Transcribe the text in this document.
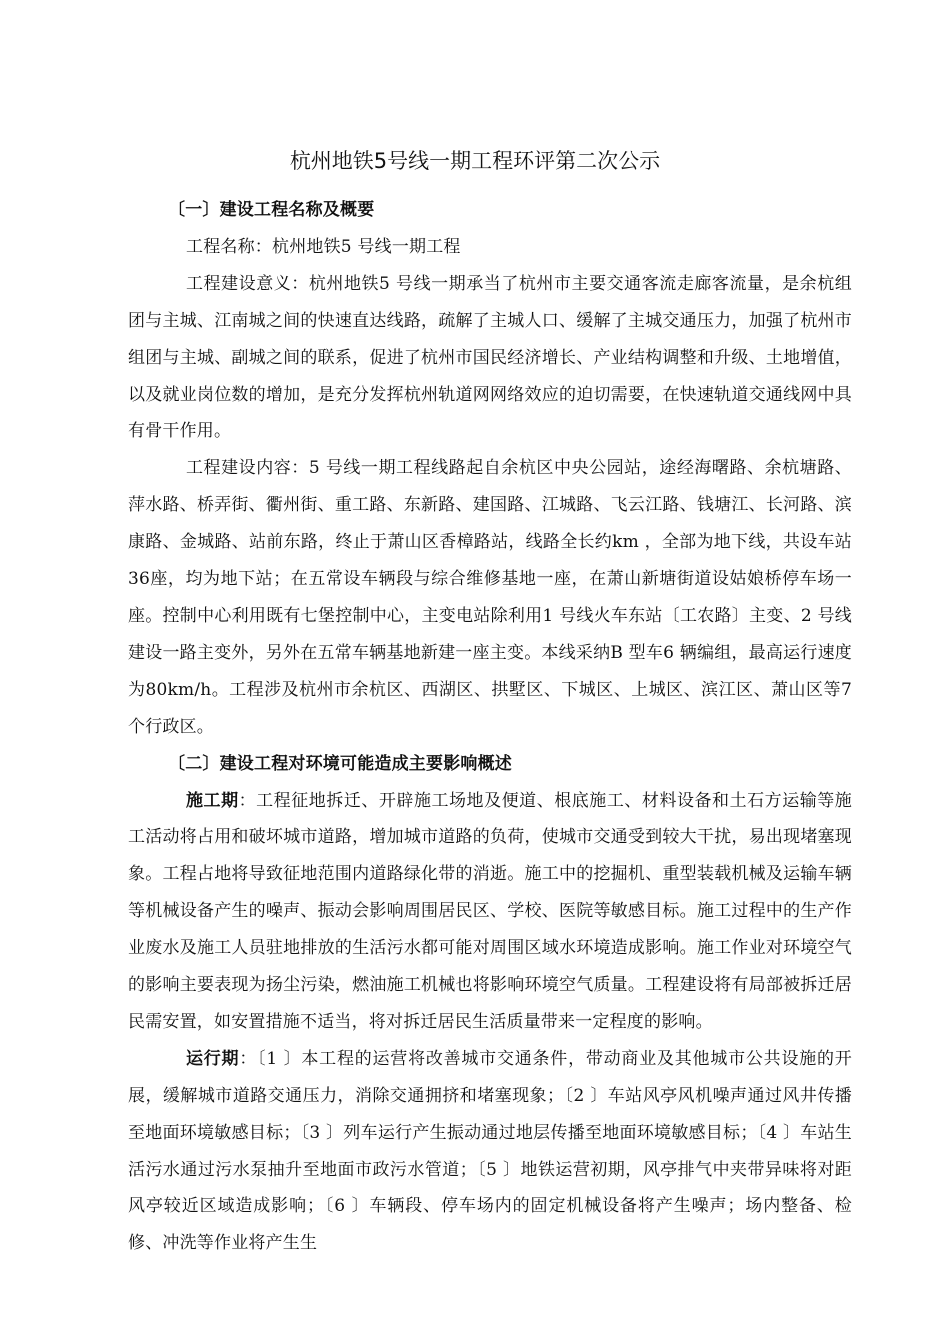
杭州地铁5号线一期工程环评第二次公示

〔一〕建设工程名称及概要

工程名称：杭州地铁5 号线一期工程

工程建设意义：杭州地铁5 号线一期承当了杭州市主要交通客流走廊客流量，是余杭组团与主城、江南城之间的快速直达线路，疏解了主城人口、缓解了主城交通压力，加强了杭州市组团与主城、副城之间的联系，促进了杭州市国民经济增长、产业结构调整和升级、土地增值，以及就业岗位数的增加，是充分发挥杭州轨道网网络效应的迫切需要，在快速轨道交通线网中具有骨干作用。

工程建设内容：5 号线一期工程线路起自余杭区中央公园站，途经海曙路、余杭塘路、萍水路、桥弄街、衢州街、重工路、东新路、建国路、江城路、飞云江路、钱塘江、长河路、滨康路、金城路、站前东路，终止于萧山区香樟路站，线路全长约km ，全部为地下线，共设车站36座，均为地下站；在五常设车辆段与综合维修基地一座，在萧山新塘街道设姑娘桥停车场一座。控制中心利用既有七堡控制中心，主变电站除利用1 号线火车东站〔工农路〕主变、2 号线建设一路主变外，另外在五常车辆基地新建一座主变。本线采纳B 型车6 辆编组，最高运行速度为80km/h。工程涉及杭州市余杭区、西湖区、拱墅区、下城区、上城区、滨江区、萧山区等7 个行政区。

〔二〕建设工程对环境可能造成主要影响概述

施工期：工程征地拆迁、开辟施工场地及便道、根底施工、材料设备和土石方运输等施工活动将占用和破坏城市道路，增加城市道路的负荷，使城市交通受到较大干扰，易出现堵塞现象。工程占地将导致征地范围内道路绿化带的消逝。施工中的挖掘机、重型装载机械及运输车辆等机械设备产生的噪声、振动会影响周围居民区、学校、医院等敏感目标。施工过程中的生产作业废水及施工人员驻地排放的生活污水都可能对周围区域水环境造成影响。施工作业对环境空气的影响主要表现为扬尘污染，燃油施工机械也将影响环境空气质量。工程建设将有局部被拆迁居民需安置，如安置措施不适当，将对拆迁居民生活质量带来一定程度的影响。

运行期：〔1 〕本工程的运营将改善城市交通条件，带动商业及其他城市公共设施的开展，缓解城市道路交通压力，消除交通拥挤和堵塞现象；〔2 〕车站风亭风机噪声通过风井传播至地面环境敏感目标；〔3 〕列车运行产生振动通过地层传播至地面环境敏感目标；〔4 〕车站生活污水通过污水泵抽升至地面市政污水管道；〔5 〕地铁运营初期，风亭排气中夹带异味将对距风亭较近区域造成影响；〔6 〕车辆段、停车场内的固定机械设备将产生噪声；场内整备、检修、冲洗等作业将产生生
